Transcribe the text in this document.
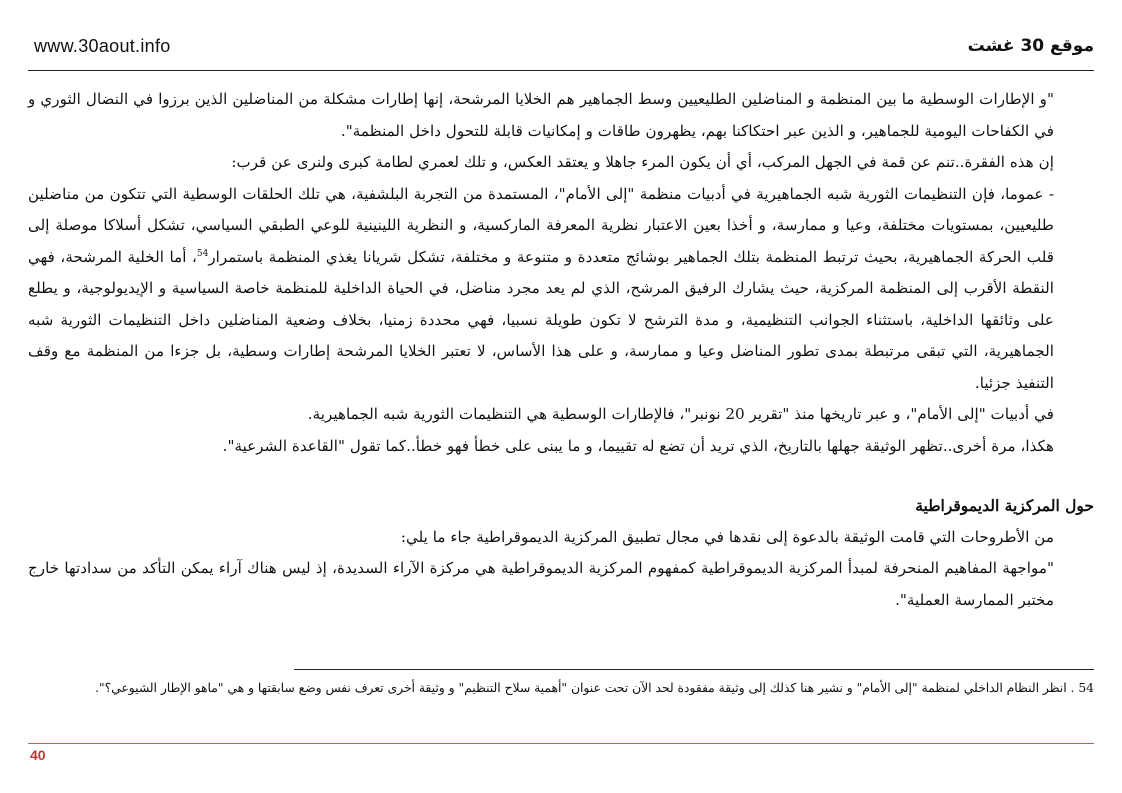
www.30aout.info	موقع 30 غشت

"و الإطارات الوسطية ما بين المنظمة و المناضلين الطليعيين وسط الجماهير هم الخلايا المرشحة، إنها إطارات مشكلة من المناضلين الذين برزوا في النضال الثوري و في الكفاحات اليومية للجماهير، و الذين عبر احتكاكنا بهم، يظهرون طاقات و إمكانيات قابلة للتحول داخل المنظمة".

إن هذه الفقرة..تنم عن قمة في الجهل المركب، أي أن يكون المرء جاهلا و يعتقد العكس، و تلك لعمري لطامة كبرى ولنرى عن قرب:

- عموما، فإن التنظيمات الثورية شبه الجماهيرية في أدبيات منظمة "إلى الأمام"، المستمدة من التجربة البلشفية، هي تلك الحلقات الوسطية التي تتكون من مناضلين طليعيين، بمستويات مختلفة، وعيا و ممارسة، و أخذا بعين الاعتبار نظرية المعرفة الماركسية، و النظرية اللينينية للوعي الطبقي السياسي، تشكل أسلاكا موصلة إلى قلب الحركة الجماهيرية، بحيث ترتبط المنظمة بتلك الجماهير بوشائج متعددة و متنوعة و مختلفة، تشكل شريانا يغذي المنظمة باستمرار$^{54}$، أما الخلية المرشحة، فهي النقطة الأقرب إلى المنظمة المركزية، حيث يشارك الرفيق المرشح، الذي لم يعد مجرد مناضل، في الحياة الداخلية للمنظمة خاصة السياسية و الإيديولوجية، و يطلع على وثائقها الداخلية، باستثناء الجوانب التنظيمية، و مدة الترشح لا تكون طويلة نسبيا، فهي محددة زمنيا، بخلاف وضعية المناضلين داخل التنظيمات الثورية شبه الجماهيرية، التي تبقى مرتبطة بمدى تطور المناضل وعيا و ممارسة، و على هذا الأساس، لا تعتبر الخلايا المرشحة إطارات وسطية، بل جزءا من المنظمة مع وقف التنفيذ جزئيا.

في أدبيات "إلى الأمام"، و عبر تاريخها منذ "تقرير 20 نونبر"، فالإطارات الوسطية هي التنظيمات الثورية شبه الجماهيرية.

هكذا، مرة أخرى..تظهر الوثيقة جهلها بالتاريخ، الذي تريد أن تضع له تقييما، و ما يبنى على خطأ فهو خطأ..كما تقول "القاعدة الشرعية".

حول المركزية الديموقراطية

من الأطروحات التي قامت الوثيقة بالدعوة إلى نقدها في مجال تطبيق المركزية الديموقراطية جاء ما يلي:

"مواجهة المفاهيم المنحرفة لمبدأ المركزية الديموقراطية كمفهوم المركزية الديموقراطية هي مركزة الآراء السديدة، إذ ليس هناك آراء يمكن التأكد من سدادتها خارج مختبر الممارسة العملية".

54 . انظر النظام الداخلي لمنظمة "إلى الأمام" و نشير هنا كذلك إلى وثيقة مفقودة لحد الآن تحت عنوان "أهمية سلاح التنظيم" و وثيقة أخرى تعرف نفس وضع سابقتها و هي "ماهو الإطار الشيوعي؟".

40
